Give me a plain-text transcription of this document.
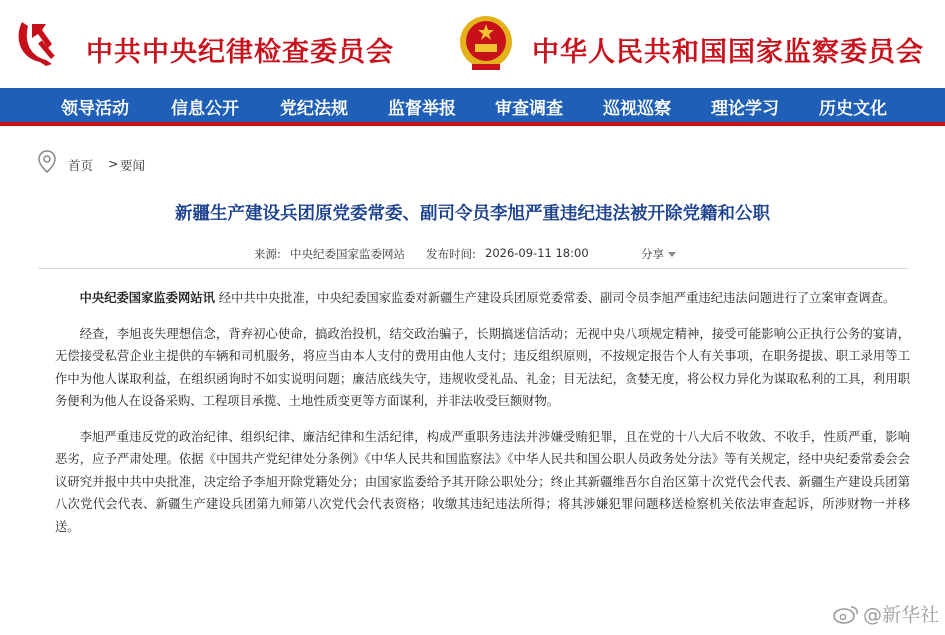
中共中央纪律检查委员会	中华人民共和国国家监察委员会
领导活动 信息公开 党纪法规 监督举报 审查调查 巡视巡察 理论学习 历史文化
首页 > 要闻
新疆生产建设兵团原党委常委、副司令员李旭严重违纪违法被开除党籍和公职
来源: 中央纪委国家监委网站 发布时间: 2026-09-11 18:00	分享

中央纪委国家监委网站讯 经中共中央批准，中央纪委国家监委对新疆生产建设兵团原党委常委、副司令员李旭严重违纪违法问题进行了立案审查调查。

经查，李旭丧失理想信念，背弃初心使命，搞政治投机，结交政治骗子，长期搞迷信活动；无视中央八项规定精神，接受可能影响公正执行公务的宴请，无偿接受私营企业主提供的车辆和司机服务，将应当由本人支付的费用由他人支付；违反组织原则，不按规定报告个人有关事项，在职务提拔、职工录用等工作中为他人谋取利益，在组织函询时不如实说明问题；廉洁底线失守，违规收受礼品、礼金；目无法纪，贪婪无度，将公权力异化为谋取私利的工具，利用职务便利为他人在设备采购、工程项目承揽、土地性质变更等方面谋利，并非法收受巨额财物。

李旭严重违反党的政治纪律、组织纪律、廉洁纪律和生活纪律，构成严重职务违法并涉嫌受贿犯罪，且在党的十八大后不收敛、不收手，性质严重，影响恶劣，应予严肃处理。依据《中国共产党纪律处分条例》《中华人民共和国监察法》《中华人民共和国公职人员政务处分法》等有关规定，经中央纪委常委会会议研究并报中共中央批准，决定给予李旭开除党籍处分；由国家监委给予其开除公职处分；终止其新疆维吾尔自治区第十次党代会代表、新疆生产建设兵团第八次党代会代表、新疆生产建设兵团第九师第八次党代会代表资格；收缴其违纪违法所得；将其涉嫌犯罪问题移送检察机关依法审查起诉，所涉财物一并移送。

@新华社
